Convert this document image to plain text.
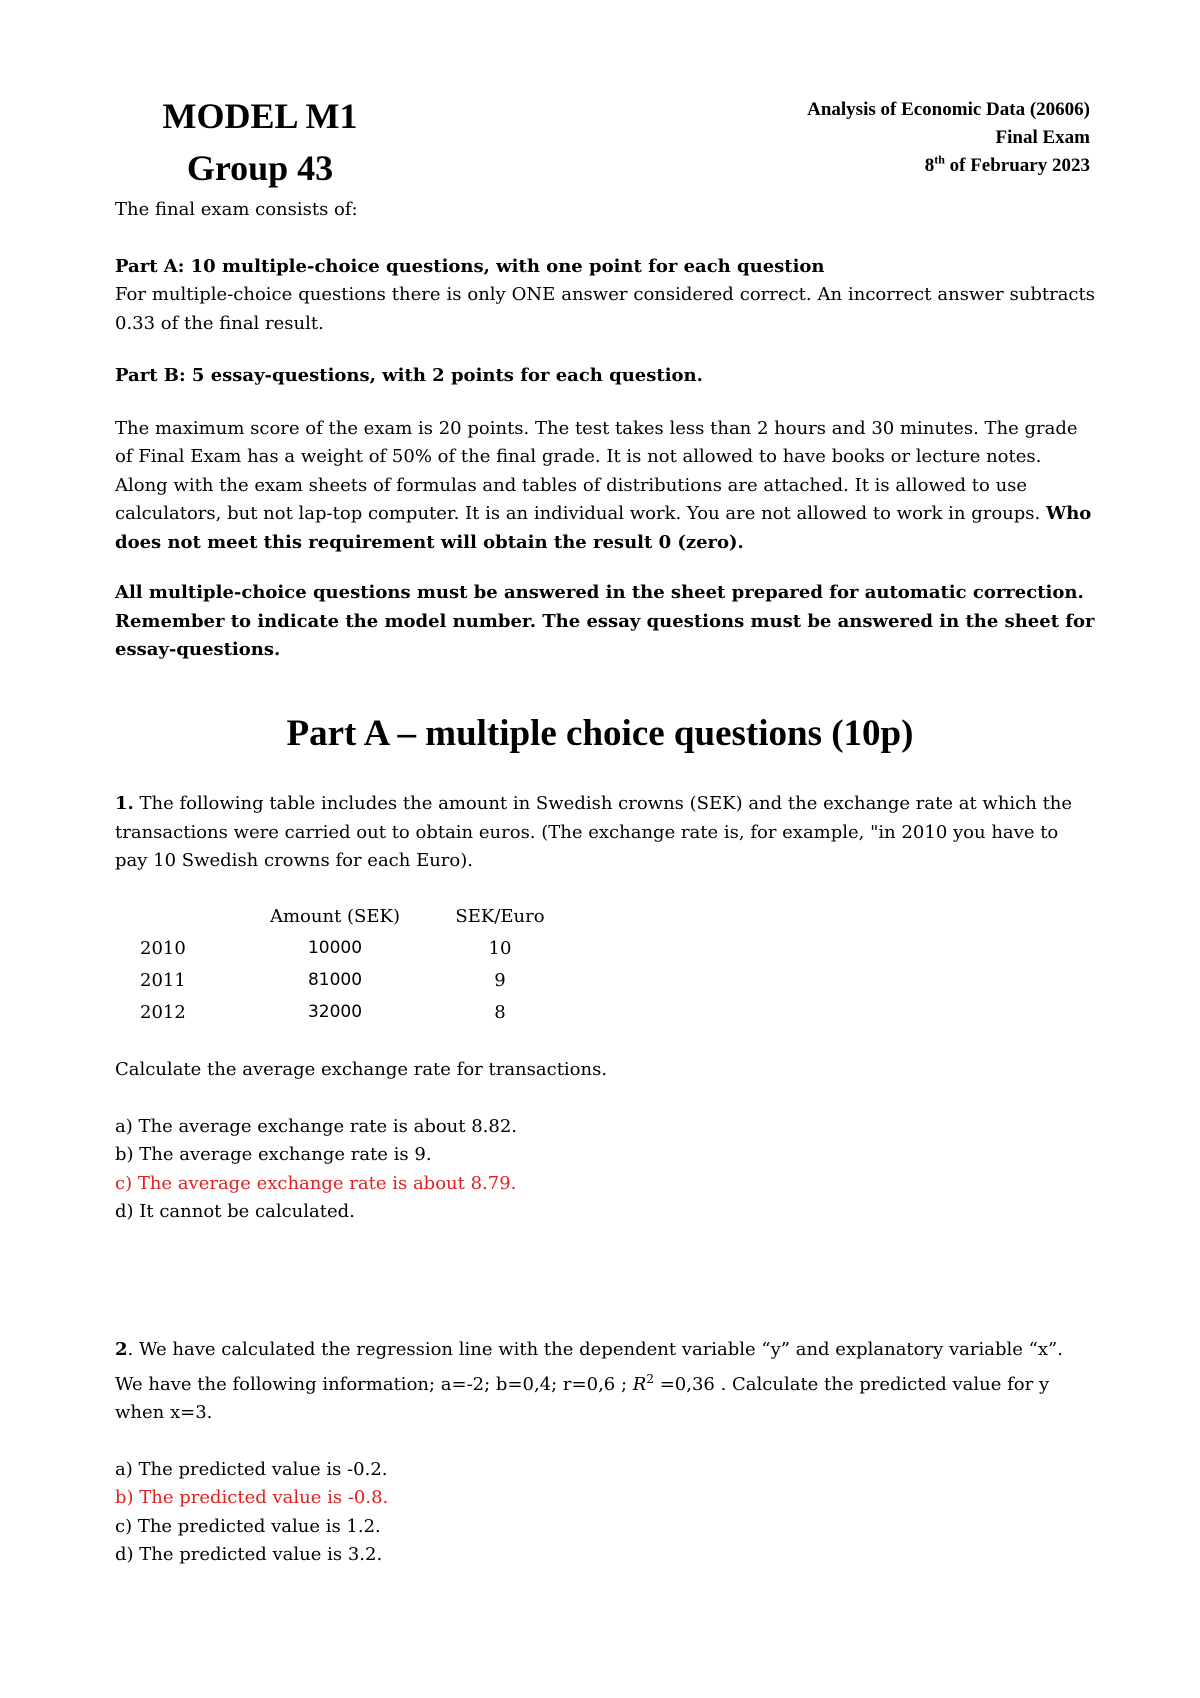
MODEL M1
Group 43
Analysis of Economic Data (20606)
Final Exam
8th of February 2023

The final exam consists of:

Part A: 10 multiple-choice questions, with one point for each question

For multiple-choice questions there is only ONE answer considered correct. An incorrect answer subtracts 0.33 of the final result.

Part B: 5 essay-questions, with 2 points for each question.

The maximum score of the exam is 20 points. The test takes less than 2 hours and 30 minutes. The grade of Final Exam has a weight of 50% of the final grade. It is not allowed to have books or lecture notes. Along with the exam sheets of formulas and tables of distributions are attached. It is allowed to use calculators, but not lap-top computer. It is an individual work. You are not allowed to work in groups. Who does not meet this requirement will obtain the result 0 (zero).

All multiple-choice questions must be answered in the sheet prepared for automatic correction. Remember to indicate the model number. The essay questions must be answered in the sheet for essay-questions.

Part A – multiple choice questions (10p)

1. The following table includes the amount in Swedish crowns (SEK) and the exchange rate at which the transactions were carried out to obtain euros. (The exchange rate is, for example, "in 2010 you have to pay 10 Swedish crowns for each Euro).

	Amount (SEK)	SEK/Euro
2010	10000	10
2011	81000	9
2012	32000	8

Calculate the average exchange rate for transactions.

a) The average exchange rate is about 8.82.

b) The average exchange rate is 9.

c) The average exchange rate is about 8.79.

d) It cannot be calculated.

2. We have calculated the regression line with the dependent variable “y” and explanatory variable “x”. We have the following information; a=-2; b=0,4; r=0,6 ; $R^2 =0,36$ . Calculate the predicted value for y when x=3.

a) The predicted value is -0.2.

b) The predicted value is -0.8.

c) The predicted value is 1.2.

d) The predicted value is 3.2.
